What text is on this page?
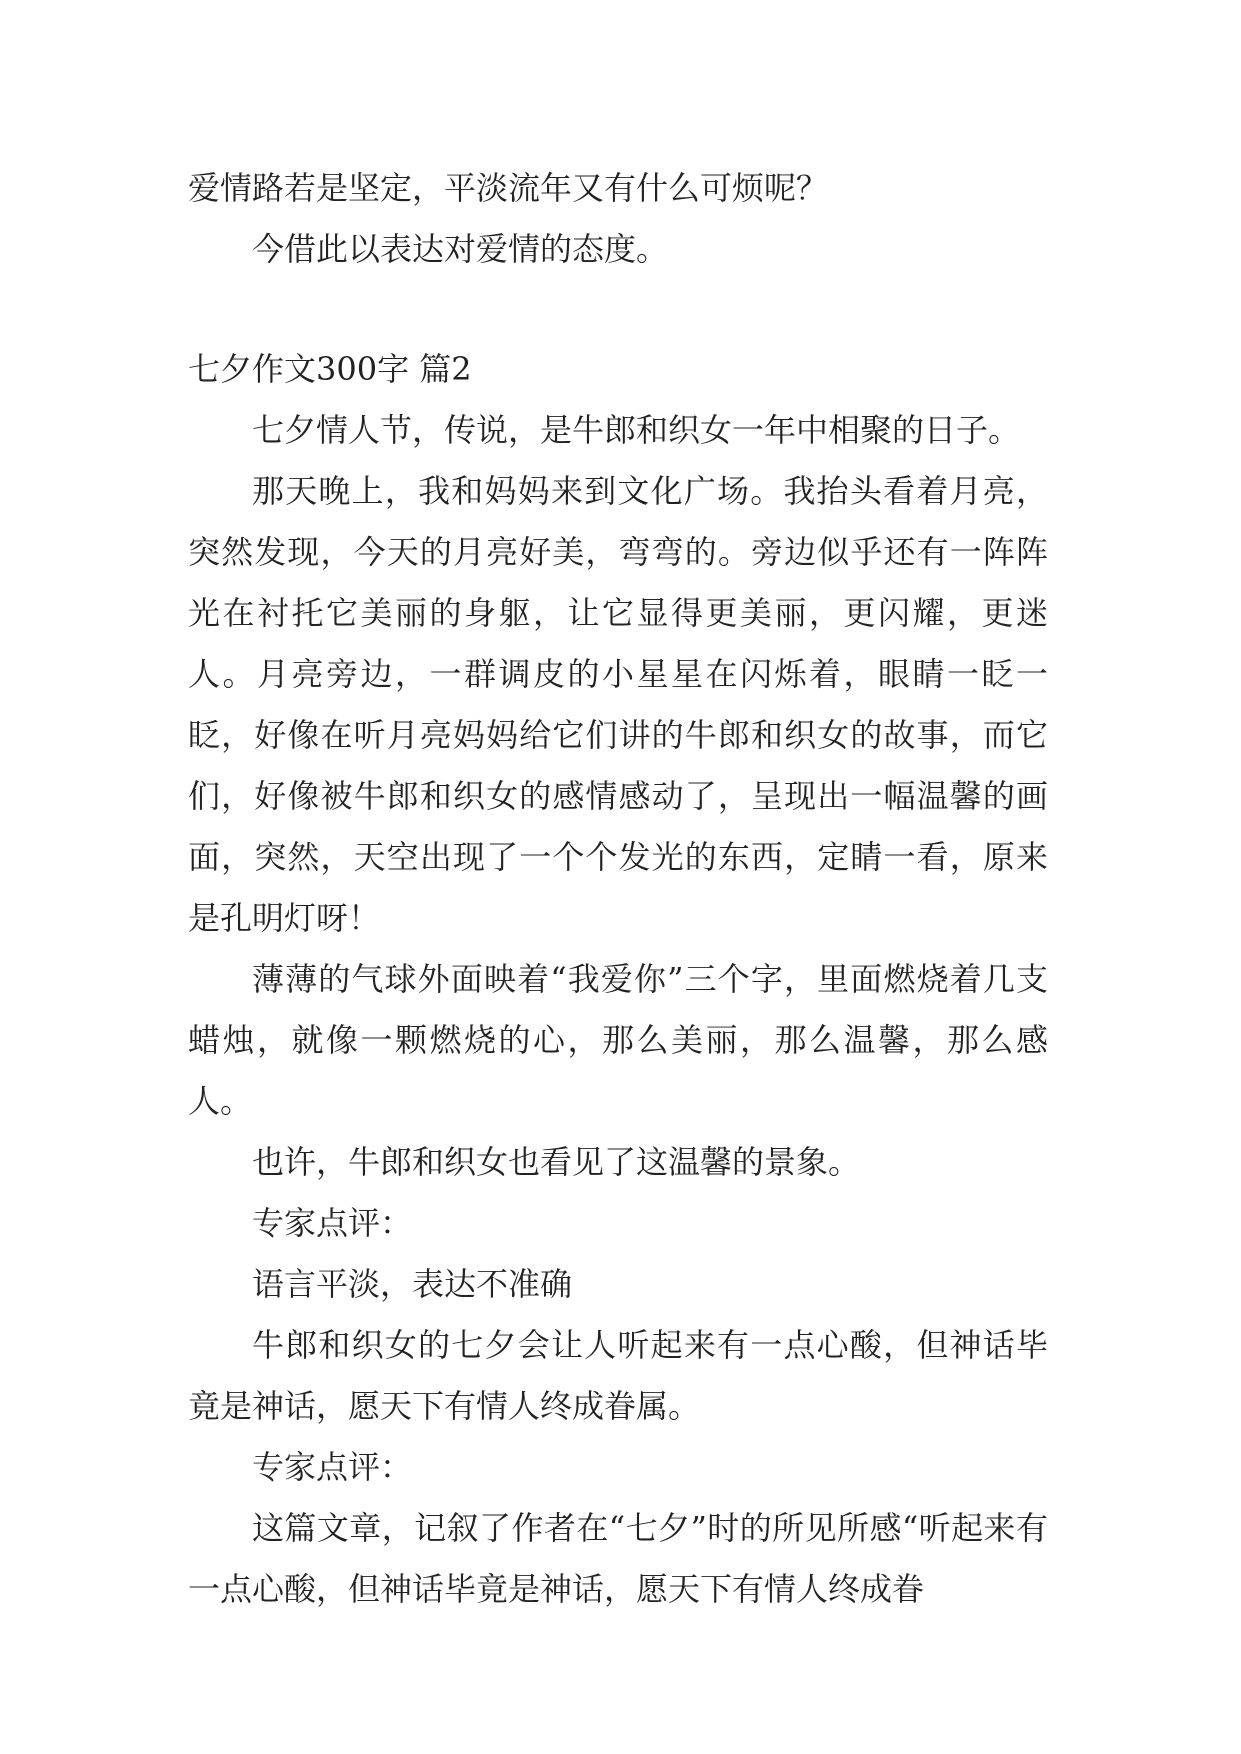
爱情路若是坚定，平淡流年又有什么可烦呢？

今借此以表达对爱情的态度。

七夕作文300字 篇2

七夕情人节，传说，是牛郎和织女一年中相聚的日子。

那天晚上，我和妈妈来到文化广场。我抬头看着月亮，突然发现，今天的月亮好美，弯弯的。旁边似乎还有一阵阵光在衬托它美丽的身躯，让它显得更美丽，更闪耀，更迷人。月亮旁边，一群调皮的小星星在闪烁着，眼睛一眨一眨，好像在听月亮妈妈给它们讲的牛郎和织女的故事，而它们，好像被牛郎和织女的感情感动了，呈现出一幅温馨的画面，突然，天空出现了一个个发光的东西，定睛一看，原来是孔明灯呀！

薄薄的气球外面映着“我爱你”三个字，里面燃烧着几支蜡烛，就像一颗燃烧的心，那么美丽，那么温馨，那么感人。

也许，牛郎和织女也看见了这温馨的景象。

专家点评：

语言平淡，表达不准确

牛郎和织女的七夕会让人听起来有一点心酸，但神话毕竟是神话，愿天下有情人终成眷属。

专家点评：

这篇文章，记叙了作者在“七夕”时的所见所感“听起来有一点心酸，但神话毕竟是神话，愿天下有情人终成眷
